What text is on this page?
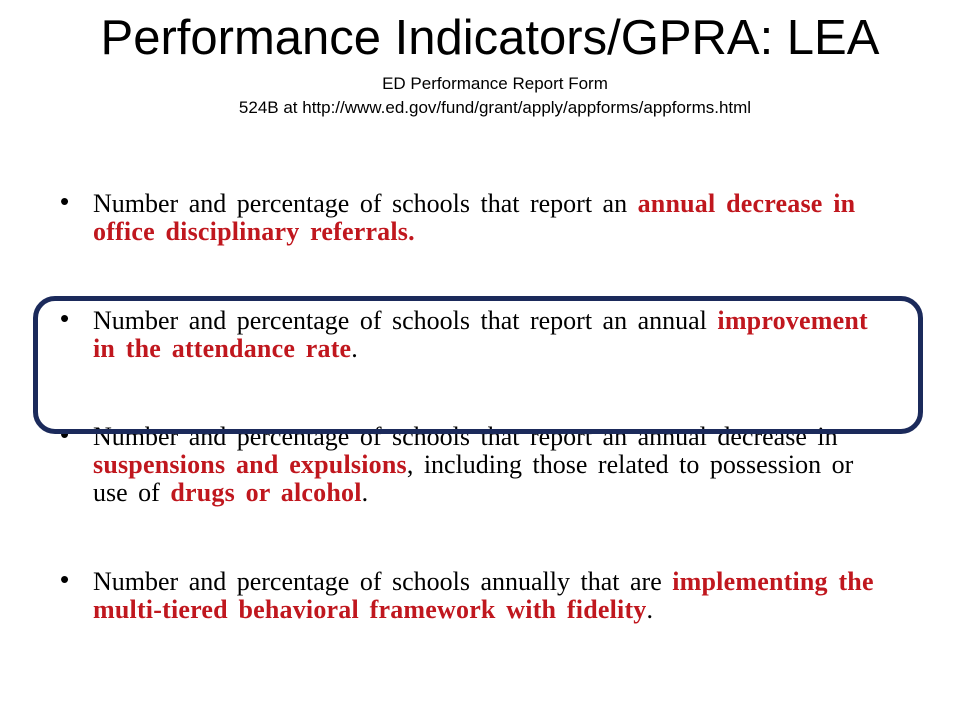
Performance Indicators/GPRA: LEA
ED Performance Report Form
524B at http://www.ed.gov/fund/grant/apply/appforms/appforms.html
• Number and percentage of schools that report an annual decrease in office disciplinary referrals.
• Number and percentage of schools that report an annual improvement in the attendance rate.
• Number and percentage of schools that report an annual decrease in suspensions and expulsions, including those related to possession or use of drugs or alcohol.
• Number and percentage of schools annually that are implementing the multi-tiered behavioral framework with fidelity.
